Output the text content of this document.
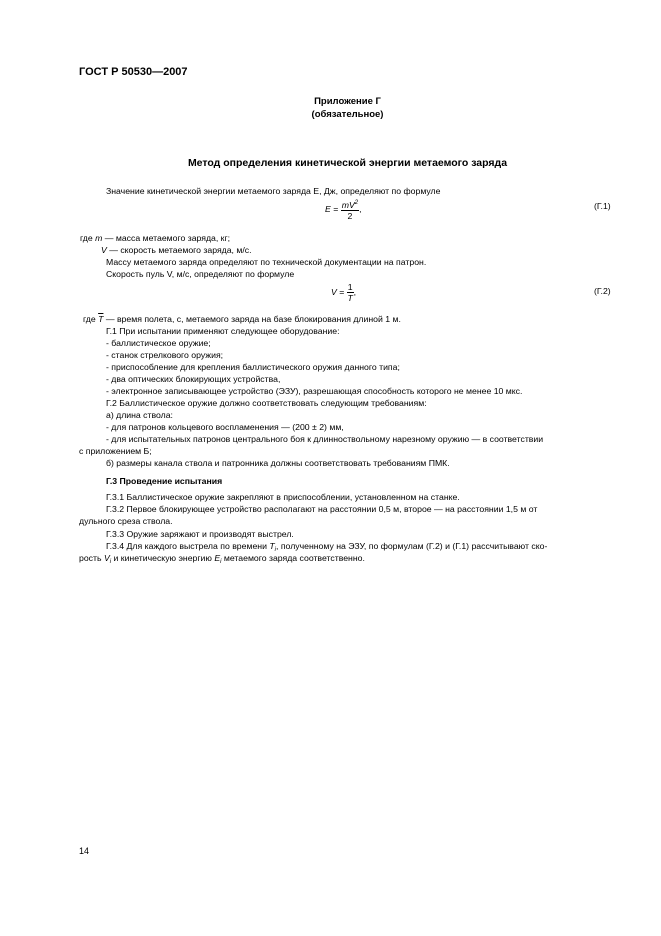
ГОСТ Р 50530—2007
Приложение Г
(обязательное)
Метод определения кинетической энергии метаемого заряда
Значение кинетической энергии метаемого заряда E, Дж, определяют по формуле
$E = \frac{mV^2}{2}$ ,	(Г.1)
где m — масса метаемого заряда, кг;
V — скорость метаемого заряда, м/с.
Массу метаемого заряда определяют по технической документации на патрон.
Скорость пуль V, м/с, определяют по формуле
$V = \frac{1}{T}$ ,	(Г.2)
где $\overline{T}$ — время полета, с, метаемого заряда на базе блокирования длиной 1 м.
Г.1 При испытании применяют следующее оборудование:
- баллистическое оружие;
- станок стрелкового оружия;
- приспособление для крепления баллистического оружия данного типа;
- два оптических блокирующих устройства,
- электронное записывающее устройство (ЭЗУ), разрешающая способность которого не менее 10 мкс.
Г.2 Баллистическое оружие должно соответствовать следующим требованиям:
а) длина ствола:
- для патронов кольцевого воспламенения — (200 ± 2) мм,
- для испытательных патронов центрального боя к длинноствольному нарезному оружию — в соответствии
с приложением Б;
б) размеры канала ствола и патронника должны соответствовать требованиям ПМК.
Г.3 Проведение испытания
Г.3.1 Баллистическое оружие закрепляют в приспособлении, установленном на станке.
Г.3.2 Первое блокирующее устройство располагают на расстоянии 0,5 м, второе — на расстоянии 1,5 м от
дульного среза ствола.
Г.3.3 Оружие заряжают и производят выстрел.
Г.3.4 Для каждого выстрела по времени $T_i$, полученному на ЭЗУ, по формулам (Г.2) и (Г.1) рассчитывают ско-
рость $V_i$ и кинетическую энергию $E_i$ метаемого заряда соответственно.
14
